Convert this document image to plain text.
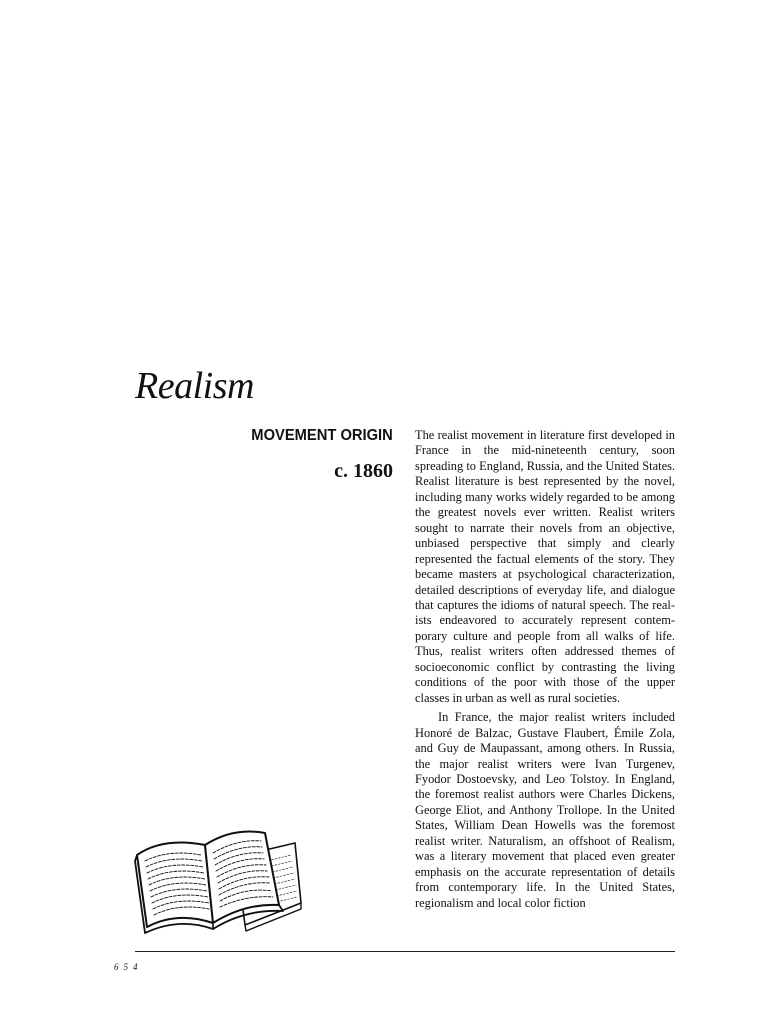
Realism
MOVEMENT ORIGIN
c. 1860

The realist movement in literature first developed in France in the mid-nineteenth century, soon spreading to England, Russia, and the United States. Realist literature is best represented by the novel, including many works widely regarded to be among the greatest novels ever written. Realist writers sought to narrate their novels from an objective, unbiased perspective that simply and clearly represented the factual elements of the story. They became masters at psychological characterization, detailed descriptions of everyday life, and dialogue that captures the idioms of natural speech. The realists endeavored to accurately represent contemporary culture and people from all walks of life. Thus, realist writers often addressed themes of socioeconomic conflict by contrasting the living conditions of the poor with those of the upper classes in urban as well as rural societies.

In France, the major realist writers included Honoré de Balzac, Gustave Flaubert, Émile Zola, and Guy de Maupassant, among others. In Russia, the major realist writers were Ivan Turgenev, Fyodor Dostoevsky, and Leo Tolstoy. In England, the foremost realist authors were Charles Dickens, George Eliot, and Anthony Trollope. In the United States, William Dean Howells was the foremost realist writer. Naturalism, an offshoot of Realism, was a literary movement that placed even greater emphasis on the accurate representation of details from contemporary life. In the United States, regionalism and local color fiction

654
